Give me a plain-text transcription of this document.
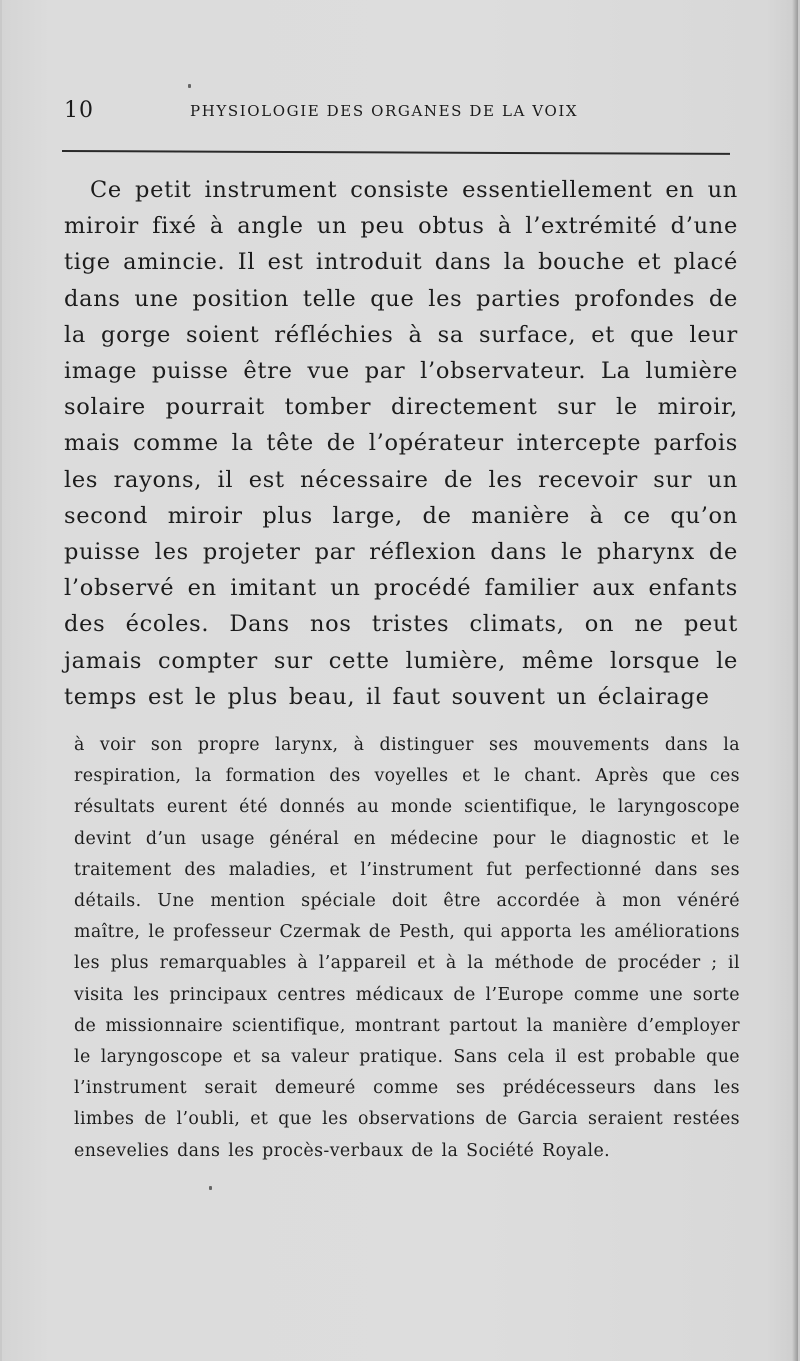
10	PHYSIOLOGIE DES ORGANES DE LA VOIX

Ce petit instrument consiste essentiellement en un miroir fixé à angle un peu obtus à l’extrémité d’une tige amincie. Il est introduit dans la bouche et placé dans une position telle que les parties profondes de la gorge soient réfléchies à sa surface, et que leur image puisse être vue par l’observateur. La lumière solaire pourrait tomber directement sur le miroir, mais comme la tête de l’opérateur intercepte parfois les rayons, il est nécessaire de les recevoir sur un second miroir plus large, de manière à ce qu’on puisse les projeter par réflexion dans le pharynx de l’observé en imitant un procédé familier aux enfants des écoles. Dans nos tristes climats, on ne peut jamais compter sur cette lumière, même lorsque le temps est le plus beau, il faut souvent un éclairage

à voir son propre larynx, à distinguer ses mouvements dans la respiration, la formation des voyelles et le chant. Après que ces résultats eurent été donnés au monde scientifique, le laryngoscope devint d’un usage général en médecine pour le diagnostic et le traitement des maladies, et l’instrument fut perfectionné dans ses détails. Une mention spéciale doit être accordée à mon vénéré maître, le professeur Czermak de Pesth, qui apporta les améliorations les plus remarquables à l’appareil et à la méthode de procéder ; il visita les principaux centres médicaux de l’Europe comme une sorte de missionnaire scientifique, montrant partout la manière d’employer le laryngoscope et sa valeur pratique. Sans cela il est probable que l’instrument serait demeuré comme ses prédécesseurs dans les limbes de l’oubli, et que les observations de Garcia seraient restées ensevelies dans les procès-verbaux de la Société Royale.
